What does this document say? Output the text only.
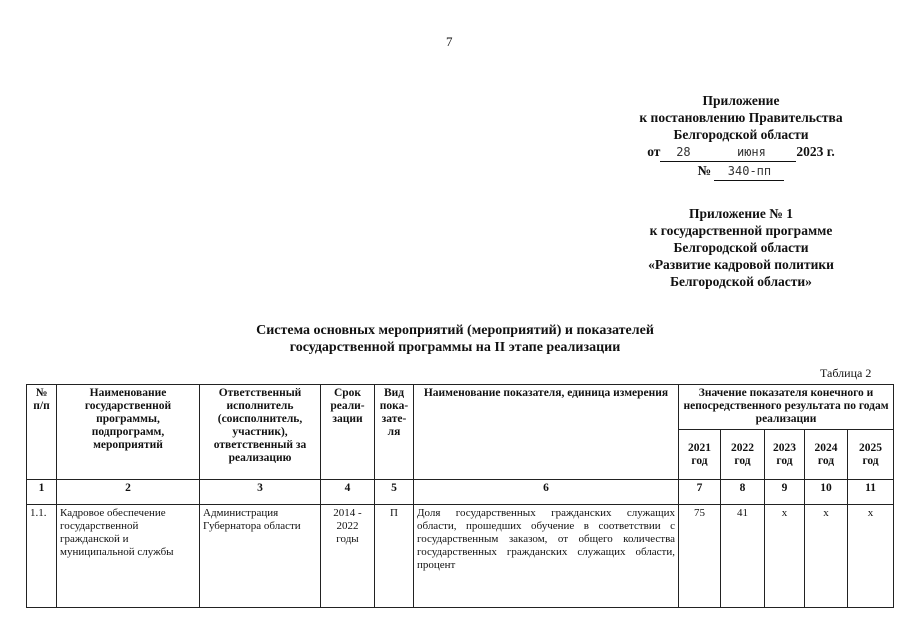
7
Приложение
к постановлению Правительства
Белгородской области
от 28	июня 2023 г.
№ 340-пп
Приложение № 1
к государственной программе
Белгородской области
«Развитие кадровой политики
Белгородской области»
Система основных мероприятий (мероприятий) и показателей
государственной программы на II этапе реализации
Таблица 2
№ п/п	Наименование государственной программы, подпрограмм, мероприятий	Ответственный исполнитель (соисполнитель, участник), ответственный за реализацию	Срок реали-зации	Вид пока-зате-ля	Наименование показателя, единица измерения	Значение показателя конечного и непосредственного результата по годам реализации				
						2021 год	2022 год	2023 год	2024 год	2025 год
1	2	3	4	5	6	7	8	9	10	11
1.1.	Кадровое обеспечение государственной гражданской и муниципальной службы	Администрация Губернатора области	2014 - 2022 годы	П	Доля государственных гражданских служащих области, прошедших обучение в соответствии с государственным заказом, от общего количества государственных гражданских служащих области, процент	75	41	х	х	х
